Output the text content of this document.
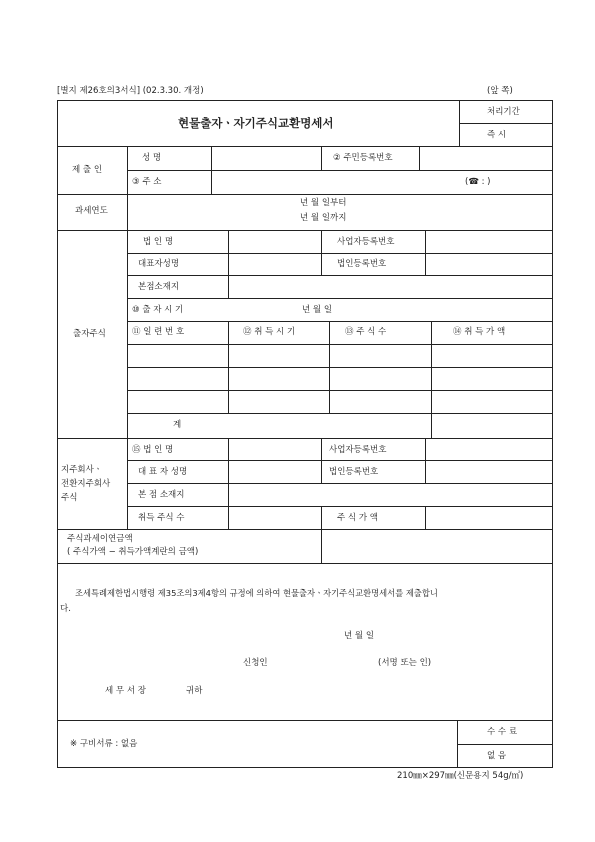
[별지 제26호의3서식] (02.3.30. 개정)	(앞 쪽)
현물출자ㆍ자기주식교환명세서
처리기간
즉 시
제 출 인
성 명	② 주민등록번호
③ 주 소	(☎ : )
과세연도
년 월 일부터
년 월 일까지
출자주식
법 인 명	사업자등록번호
대표자성명	법인등록번호
본점소재지
⑩ 출 자 시 기	년 월 일
⑪ 일 련 번 호	⑫ 취 득 시 기	⑬ 주 식 수	⑭ 취 득 가 액
계
지주회사ㆍ
전환지주회사
주식
⑮ 법 인 명	사업자등록번호
대 표 자 성명	법인등록번호
본 점 소재지
취득 주식 수	주 식 가 액
주식과세이연금액
( 주식가액 − 취득가액계란의 금액)
조세특례제한법시행령 제35조의3제4항의 규정에 의하여 현물출자ㆍ자기주식교환명세서를 제출합니
다.
년 월 일
신청인	(서명 또는 인)
세 무 서 장	귀하
※ 구비서류 : 없음
수 수 료
없 음
210㎜×297㎜(신문용지 54g/㎡)
